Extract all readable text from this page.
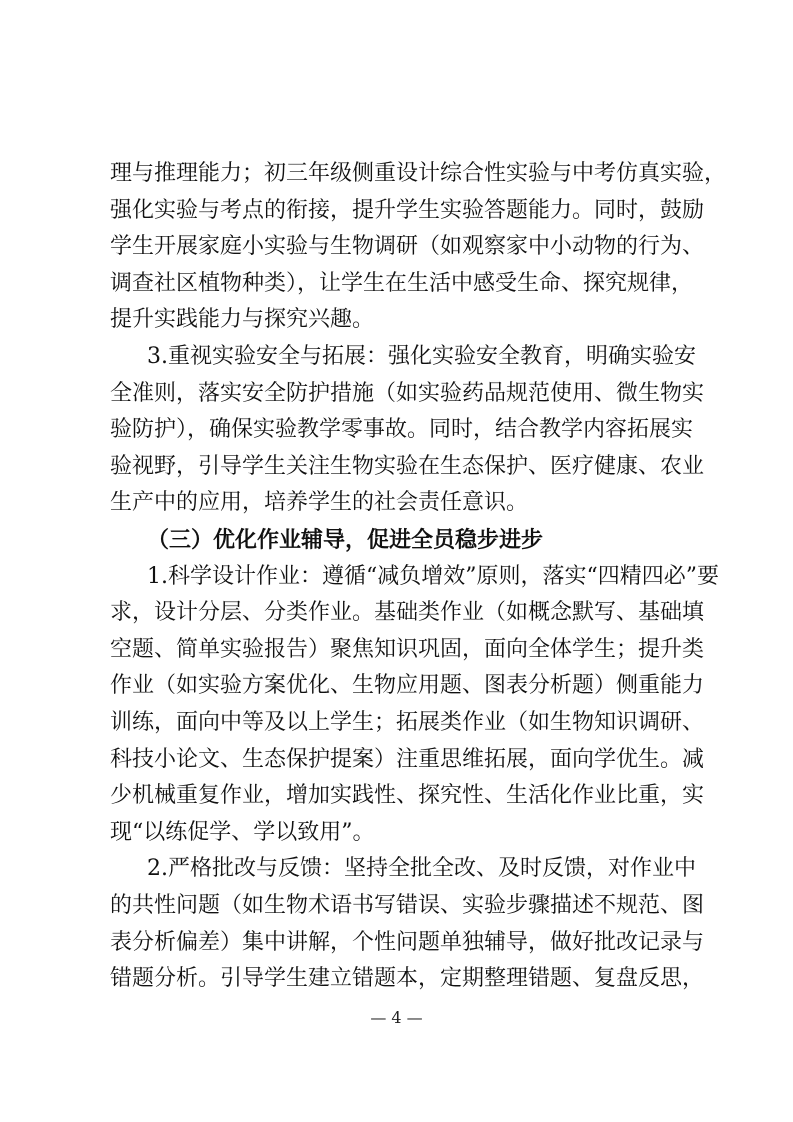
理与推理能力；初三年级侧重设计综合性实验与中考仿真实验，
强化实验与考点的衔接，提升学生实验答题能力。同时，鼓励
学生开展家庭小实验与生物调研（如观察家中小动物的行为、
调查社区植物种类），让学生在生活中感受生命、探究规律，
提升实践能力与探究兴趣。
3.重视实验安全与拓展：强化实验安全教育，明确实验安
全准则，落实安全防护措施（如实验药品规范使用、微生物实
验防护），确保实验教学零事故。同时，结合教学内容拓展实
验视野，引导学生关注生物实验在生态保护、医疗健康、农业
生产中的应用，培养学生的社会责任意识。
（三）优化作业辅导，促进全员稳步进步
1.科学设计作业：遵循“减负增效”原则，落实“四精四必”要
求，设计分层、分类作业。基础类作业（如概念默写、基础填
空题、简单实验报告）聚焦知识巩固，面向全体学生；提升类
作业（如实验方案优化、生物应用题、图表分析题）侧重能力
训练，面向中等及以上学生；拓展类作业（如生物知识调研、
科技小论文、生态保护提案）注重思维拓展，面向学优生。减
少机械重复作业，增加实践性、探究性、生活化作业比重，实
现“以练促学、学以致用”。
2.严格批改与反馈：坚持全批全改、及时反馈，对作业中
的共性问题（如生物术语书写错误、实验步骤描述不规范、图
表分析偏差）集中讲解，个性问题单独辅导，做好批改记录与
错题分析。引导学生建立错题本，定期整理错题、复盘反思，
— 4 —
